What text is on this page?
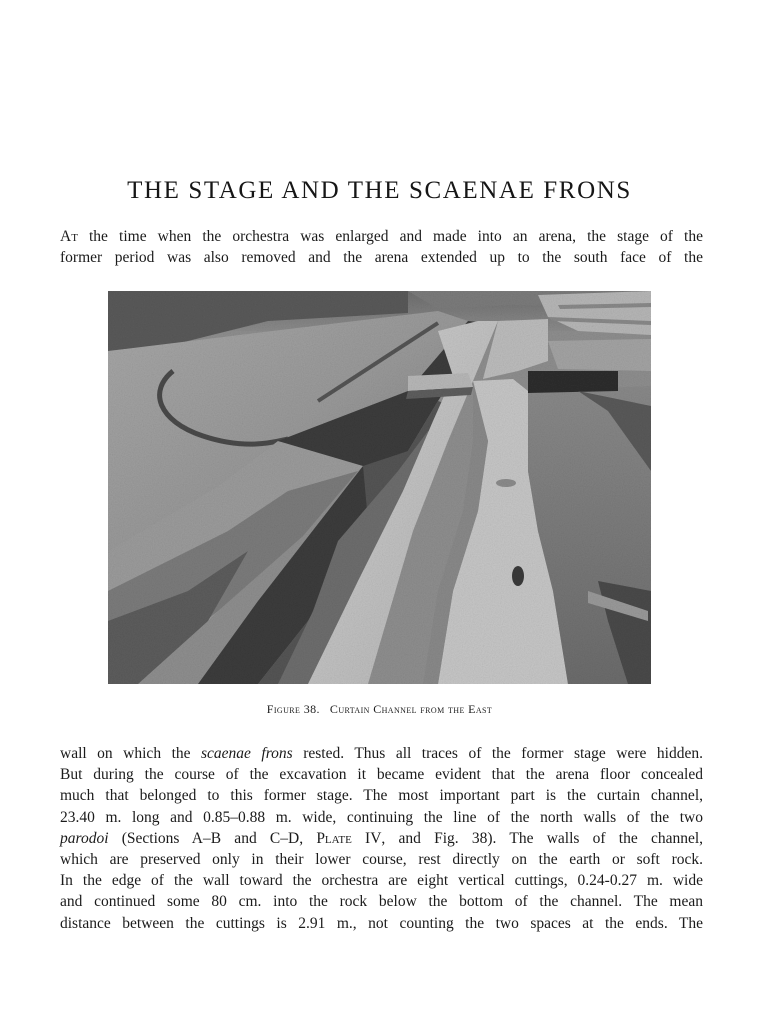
THE STAGE AND THE SCAENAE FRONS
At the time when the orchestra was enlarged and made into an arena, the stage of the
former period was also removed and the arena extended up to the south face of the
Figure 38. Curtain Channel from the East
wall on which the scaenae frons rested. Thus all traces of the former stage were hidden.
But during the course of the excavation it became evident that the arena floor concealed
much that belonged to this former stage. The most important part is the curtain channel,
23.40 m. long and 0.85–0.88 m. wide, continuing the line of the north walls of the two
parodoi (Sections A–B and C–D, Plate IV, and Fig. 38). The walls of the channel,
which are preserved only in their lower course, rest directly on the earth or soft rock.
In the edge of the wall toward the orchestra are eight vertical cuttings, 0.24-0.27 m. wide
and continued some 80 cm. into the rock below the bottom of the channel. The mean
distance between the cuttings is 2.91 m., not counting the two spaces at the ends. The
